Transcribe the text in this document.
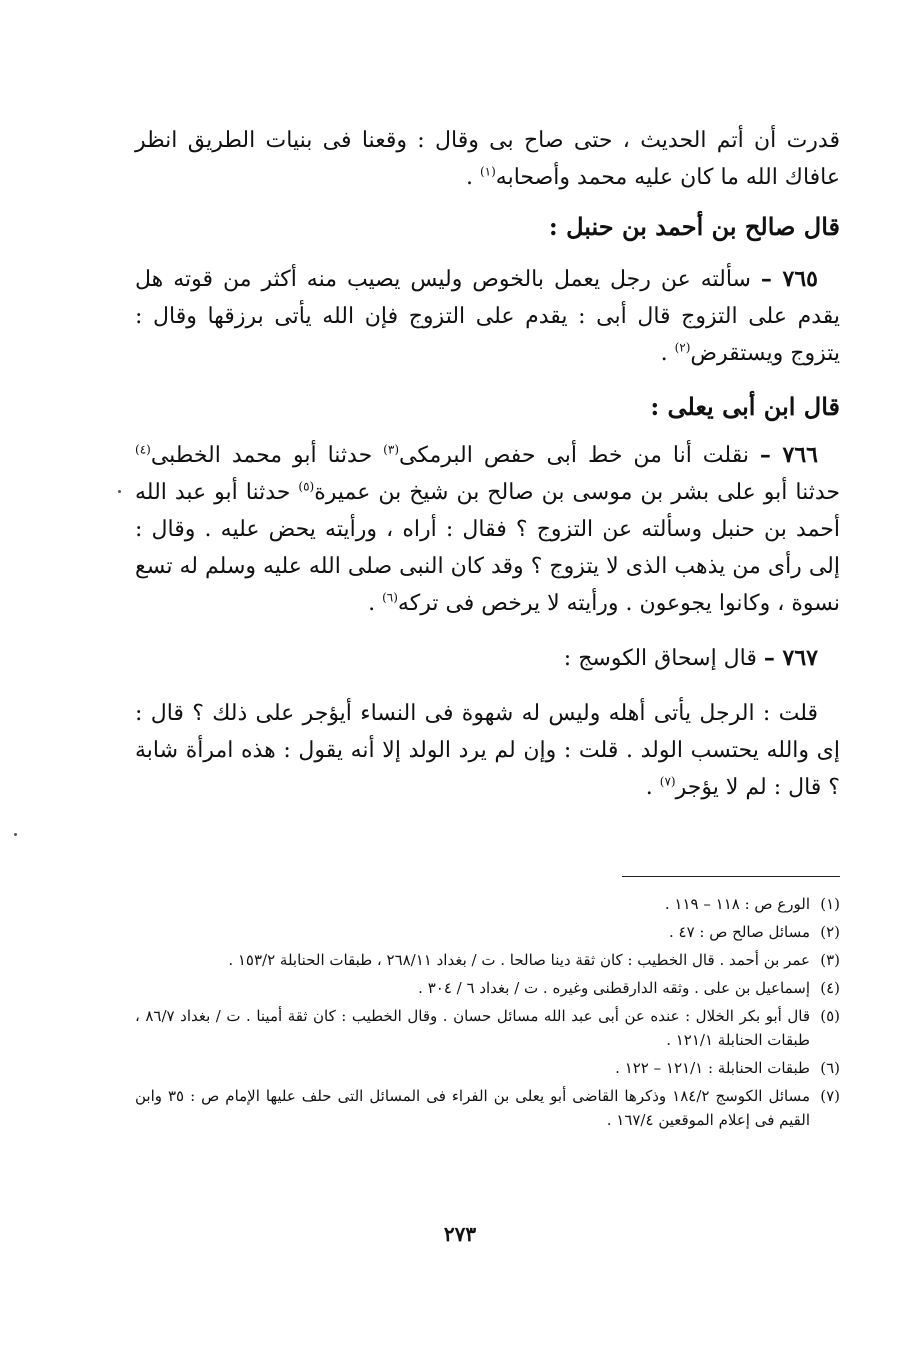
قدرت أن أتم الحديث ، حتى صاح بى وقال : وقعنا فى بنيات الطريق انظر عافاك الله ما كان عليه محمد وأصحابه$^{(١)}$ .

قال صالح بن أحمد بن حنبل :

٧٦٥ – سألته عن رجل يعمل بالخوص وليس يصيب منه أكثر من قوته هل يقدم على التزوج قال أبى : يقدم على التزوج فإن الله يأتى برزقها وقال : يتزوج ويستقرض$^{(٢)}$ .

قال ابن أبى يعلى :

٧٦٦ – نقلت أنا من خط أبى حفص البرمكى$^{(٣)}$ حدثنا أبو محمد الخطبى$^{(٤)}$ حدثنا أبو على بشر بن موسى بن صالح بن شيخ بن عميرة$^{(٥)}$ حدثنا أبو عبد الله أحمد بن حنبل وسألته عن التزوج ؟ فقال : أراه ، ورأيته يحض عليه . وقال : إلى رأى من يذهب الذى لا يتزوج ؟ وقد كان النبى صلى الله عليه وسلم له تسع نسوة ، وكانوا يجوعون . ورأيته لا يرخص فى تركه$^{(٦)}$ .

٧٦٧ – قال إسحاق الكوسج :

قلت : الرجل يأتى أهله وليس له شهوة فى النساء أيؤجر على ذلك ؟ قال : إى والله يحتسب الولد . قلت : وإن لم يرد الولد إلا أنه يقول : هذه امرأة شابة ؟ قال : لم لا يؤجر$^{(٧)}$ .

(١)
الورع ص : ١١٨ – ١١٩ .
(٢)
مسائل صالح ص : ٤٧ .
(٣)
عمر بن أحمد . قال الخطيب : كان ثقة دينا صالحا . ت / بغداد ٢٦٨/١١ ، طبقات الحنابلة ١٥٣/٢ .
(٤)
إسماعيل بن على . وثقه الدارقطنى وغيره . ت / بغداد ٦ / ٣٠٤ .
(٥)
قال أبو بكر الخلال : عنده عن أبى عبد الله مسائل حسان . وقال الخطيب : كان ثقة أمينا . ت / بغداد ٨٦/٧ ، طبقات الحنابلة ١٢١/١ .
(٦)
طبقات الحنابلة : ١٢١/١ – ١٢٢ .
(٧)
مسائل الكوسج ١٨٤/٢ وذكرها القاضى أبو يعلى بن الفراء فى المسائل التى حلف عليها الإمام ص : ٣٥ وابن القيم فى إعلام الموقعين ١٦٧/٤ .
٢٧٣
